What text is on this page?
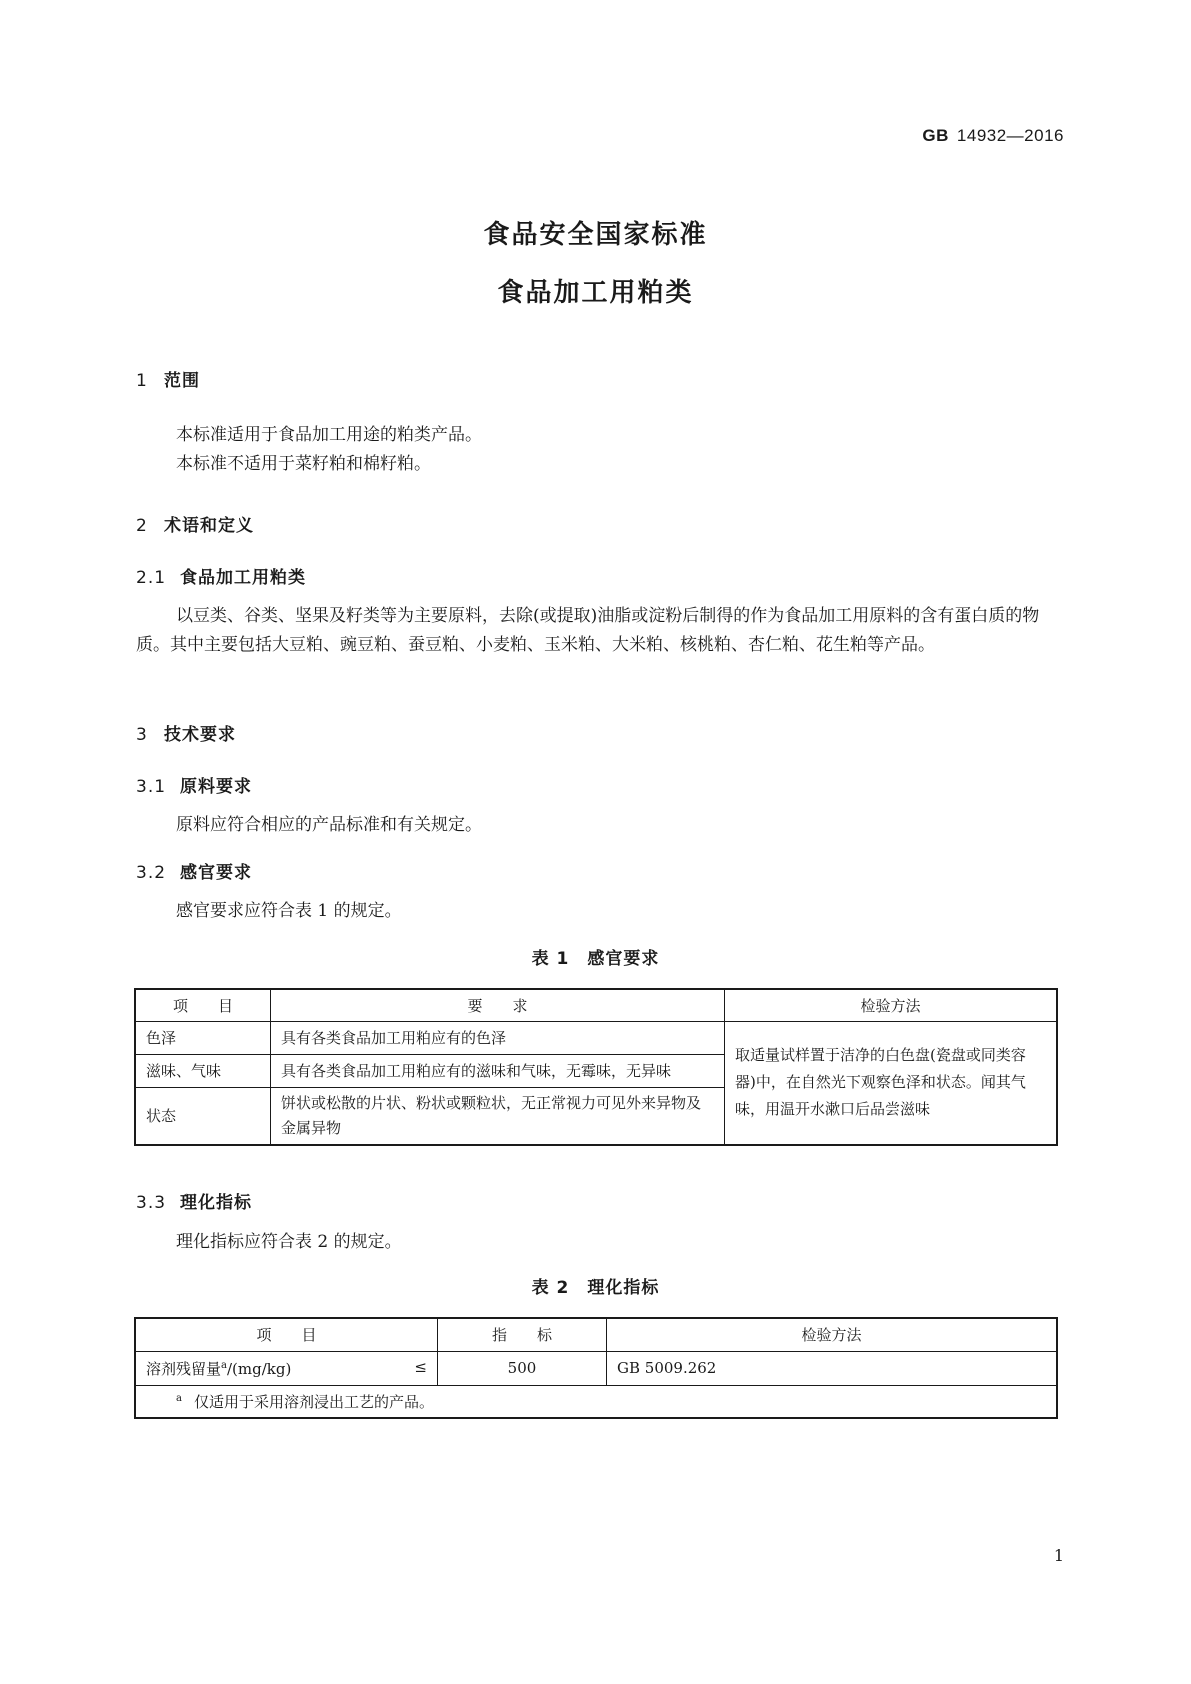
GB 14932—2016
食品安全国家标准
食品加工用粕类
1 范围
本标准适用于食品加工用途的粕类产品。
本标准不适用于菜籽粕和棉籽粕。
2 术语和定义
2.1 食品加工用粕类
以豆类、谷类、坚果及籽类等为主要原料，去除(或提取)油脂或淀粉后制得的作为食品加工用原料的含有蛋白质的物质。其中主要包括大豆粕、豌豆粕、蚕豆粕、小麦粕、玉米粕、大米粕、核桃粕、杏仁粕、花生粕等产品。
3 技术要求
3.1 原料要求
原料应符合相应的产品标准和有关规定。
3.2 感官要求
感官要求应符合表 1 的规定。
表 1　感官要求
项　　目	要　　求	检验方法
色泽	具有各类食品加工用粕应有的色泽	取适量试样置于洁净的白色盘(瓷盘或同类容器)中，在自然光下观察色泽和状态。闻其气味，用温开水漱口后品尝滋味
滋味、气味	具有各类食品加工用粕应有的滋味和气味，无霉味，无异味	
状态	饼状或松散的片状、粉状或颗粒状，无正常视力可见外来异物及金属异物	
3.3 理化指标
理化指标应符合表 2 的规定。
表 2　理化指标
项　　目	指　　标	检验方法
溶剂残留量$^a$/(mg/kg) ≤	500	GB 5009.262
$^a$ 仅适用于采用溶剂浸出工艺的产品。		
1
